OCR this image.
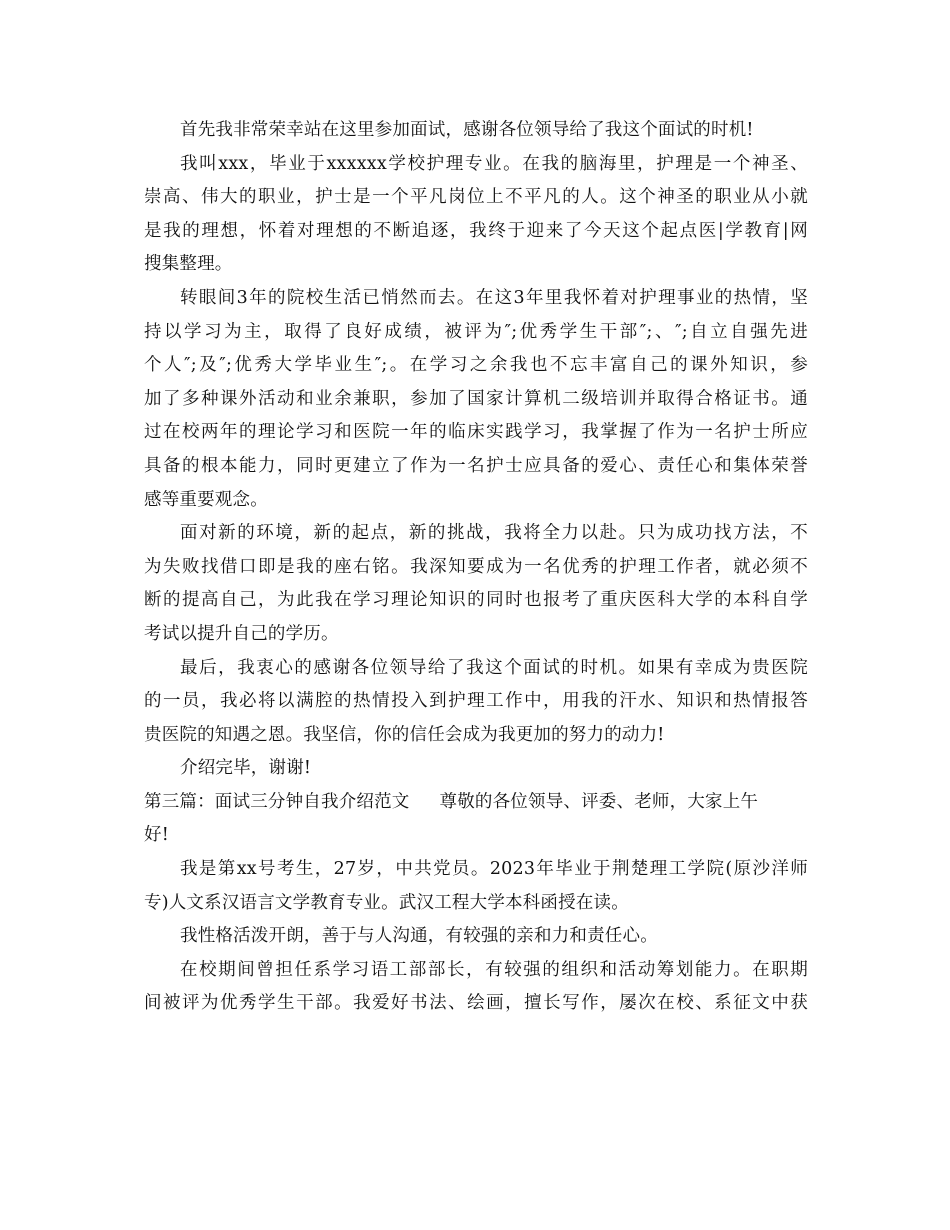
首先我非常荣幸站在这里参加面试，感谢各位领导给了我这个面试的时机!
我叫xxx，毕业于xxxxxx学校护理专业。在我的脑海里，护理是一个神圣、
崇高、伟大的职业，护士是一个平凡岗位上不平凡的人。这个神圣的职业从小就
是我的理想，怀着对理想的不断追逐，我终于迎来了今天这个起点医|学教育|网
搜集整理。
转眼间3年的院校生活已悄然而去。在这3年里我怀着对护理事业的热情，坚
持以学习为主，取得了良好成绩，被评为″;优秀学生干部″;、″;自立自强先进
个人″;及″;优秀大学毕业生″;。在学习之余我也不忘丰富自己的课外知识，参
加了多种课外活动和业余兼职，参加了国家计算机二级培训并取得合格证书。通
过在校两年的理论学习和医院一年的临床实践学习，我掌握了作为一名护士所应
具备的根本能力，同时更建立了作为一名护士应具备的爱心、责任心和集体荣誉
感等重要观念。
面对新的环境，新的起点，新的挑战，我将全力以赴。只为成功找方法，不
为失败找借口即是我的座右铭。我深知要成为一名优秀的护理工作者，就必须不
断的提高自己，为此我在学习理论知识的同时也报考了重庆医科大学的本科自学
考试以提升自己的学历。
最后，我衷心的感谢各位领导给了我这个面试的时机。如果有幸成为贵医院
的一员，我必将以满腔的热情投入到护理工作中，用我的汗水、知识和热情报答
贵医院的知遇之恩。我坚信，你的信任会成为我更加的努力的动力!
介绍完毕，谢谢!
第三篇：面试三分钟自我介绍范文 尊敬的各位领导、评委、老师，大家上午
好!
我是第xx号考生，27岁，中共党员。2023年毕业于荆楚理工学院(原沙洋师
专)人文系汉语言文学教育专业。武汉工程大学本科函授在读。
我性格活泼开朗，善于与人沟通，有较强的亲和力和责任心。
在校期间曾担任系学习语工部部长，有较强的组织和活动筹划能力。在职期
间被评为优秀学生干部。我爱好书法、绘画，擅长写作，屡次在校、系征文中获
